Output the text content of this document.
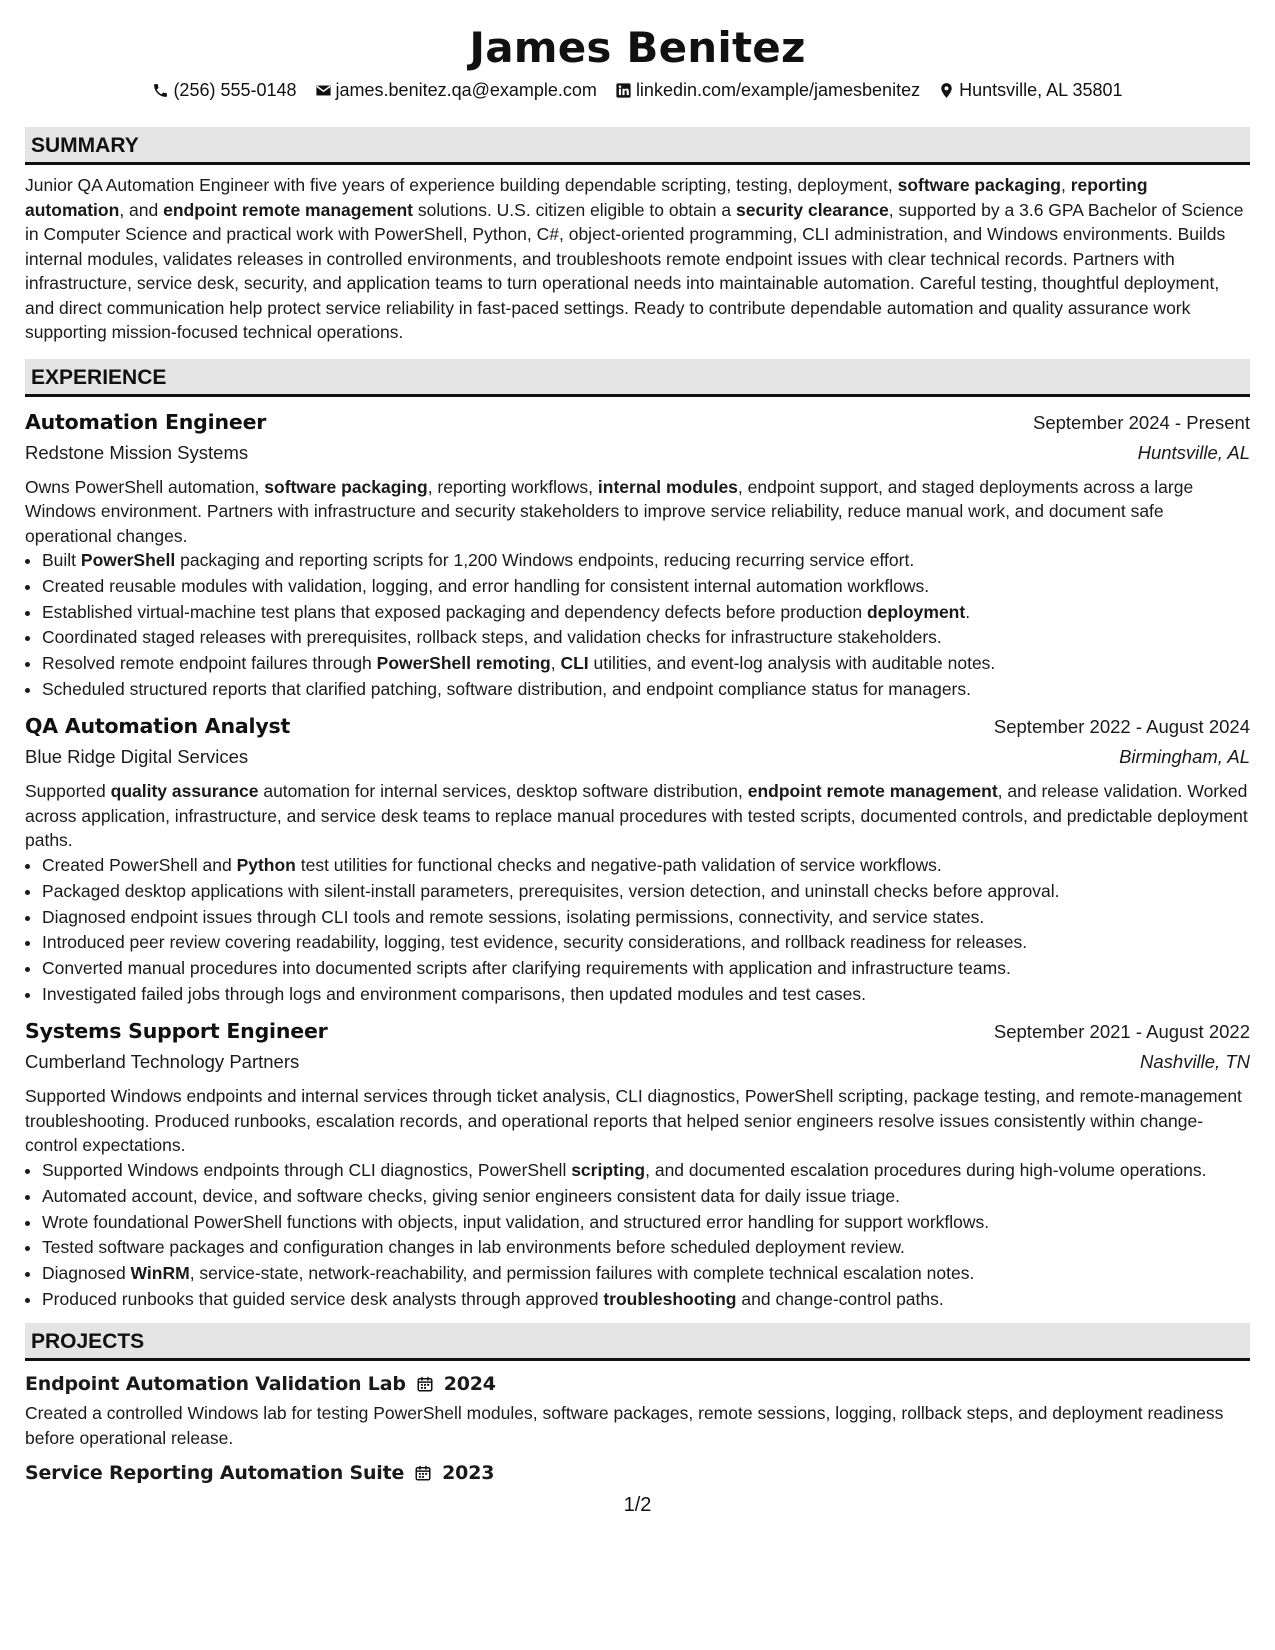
James Benitez
(256) 555-0148 james.benitez.qa@example.com linkedin.com/example/jamesbenitez Huntsville, AL 35801
SUMMARY

Junior QA Automation Engineer with five years of experience building dependable scripting, testing, deployment, software packaging, reporting automation, and endpoint remote management solutions. U.S. citizen eligible to obtain a security clearance, supported by a 3.6 GPA Bachelor of Science in Computer Science and practical work with PowerShell, Python, C#, object-oriented programming, CLI administration, and Windows environments. Builds internal modules, validates releases in controlled environments, and troubleshoots remote endpoint issues with clear technical records. Partners with infrastructure, service desk, security, and application teams to turn operational needs into maintainable automation. Careful testing, thoughtful deployment, and direct communication help protect service reliability in fast-paced settings. Ready to contribute dependable automation and quality assurance work supporting mission-focused technical operations.

EXPERIENCE
Automation Engineer	September 2024 - Present
Redstone Mission Systems	Huntsville, AL

Owns PowerShell automation, software packaging, reporting workflows, internal modules, endpoint support, and staged deployments across a large Windows environment. Partners with infrastructure and security stakeholders to improve service reliability, reduce manual work, and document safe operational changes.

• Built PowerShell packaging and reporting scripts for 1,200 Windows endpoints, reducing recurring service effort.
• Created reusable modules with validation, logging, and error handling for consistent internal automation workflows.
• Established virtual-machine test plans that exposed packaging and dependency defects before production deployment.
• Coordinated staged releases with prerequisites, rollback steps, and validation checks for infrastructure stakeholders.
• Resolved remote endpoint failures through PowerShell remoting, CLI utilities, and event-log analysis with auditable notes.
• Scheduled structured reports that clarified patching, software distribution, and endpoint compliance status for managers.
QA Automation Analyst	September 2022 - August 2024
Blue Ridge Digital Services	Birmingham, AL

Supported quality assurance automation for internal services, desktop software distribution, endpoint remote management, and release validation. Worked across application, infrastructure, and service desk teams to replace manual procedures with tested scripts, documented controls, and predictable deployment paths.

• Created PowerShell and Python test utilities for functional checks and negative-path validation of service workflows.
• Packaged desktop applications with silent-install parameters, prerequisites, version detection, and uninstall checks before approval.
• Diagnosed endpoint issues through CLI tools and remote sessions, isolating permissions, connectivity, and service states.
• Introduced peer review covering readability, logging, test evidence, security considerations, and rollback readiness for releases.
• Converted manual procedures into documented scripts after clarifying requirements with application and infrastructure teams.
• Investigated failed jobs through logs and environment comparisons, then updated modules and test cases.
Systems Support Engineer	September 2021 - August 2022
Cumberland Technology Partners	Nashville, TN

Supported Windows endpoints and internal services through ticket analysis, CLI diagnostics, PowerShell scripting, package testing, and remote-management troubleshooting. Produced runbooks, escalation records, and operational reports that helped senior engineers resolve issues consistently within change-control expectations.

• Supported Windows endpoints through CLI diagnostics, PowerShell scripting, and documented escalation procedures during high-volume operations.
• Automated account, device, and software checks, giving senior engineers consistent data for daily issue triage.
• Wrote foundational PowerShell functions with objects, input validation, and structured error handling for support workflows.
• Tested software packages and configuration changes in lab environments before scheduled deployment review.
• Diagnosed WinRM, service-state, network-reachability, and permission failures with complete technical escalation notes.
• Produced runbooks that guided service desk analysts through approved troubleshooting and change-control paths.
PROJECTS
Endpoint Automation Validation Lab 2024

Created a controlled Windows lab for testing PowerShell modules, software packages, remote sessions, logging, rollback steps, and deployment readiness before operational release.

Service Reporting Automation Suite 2023
1/2
